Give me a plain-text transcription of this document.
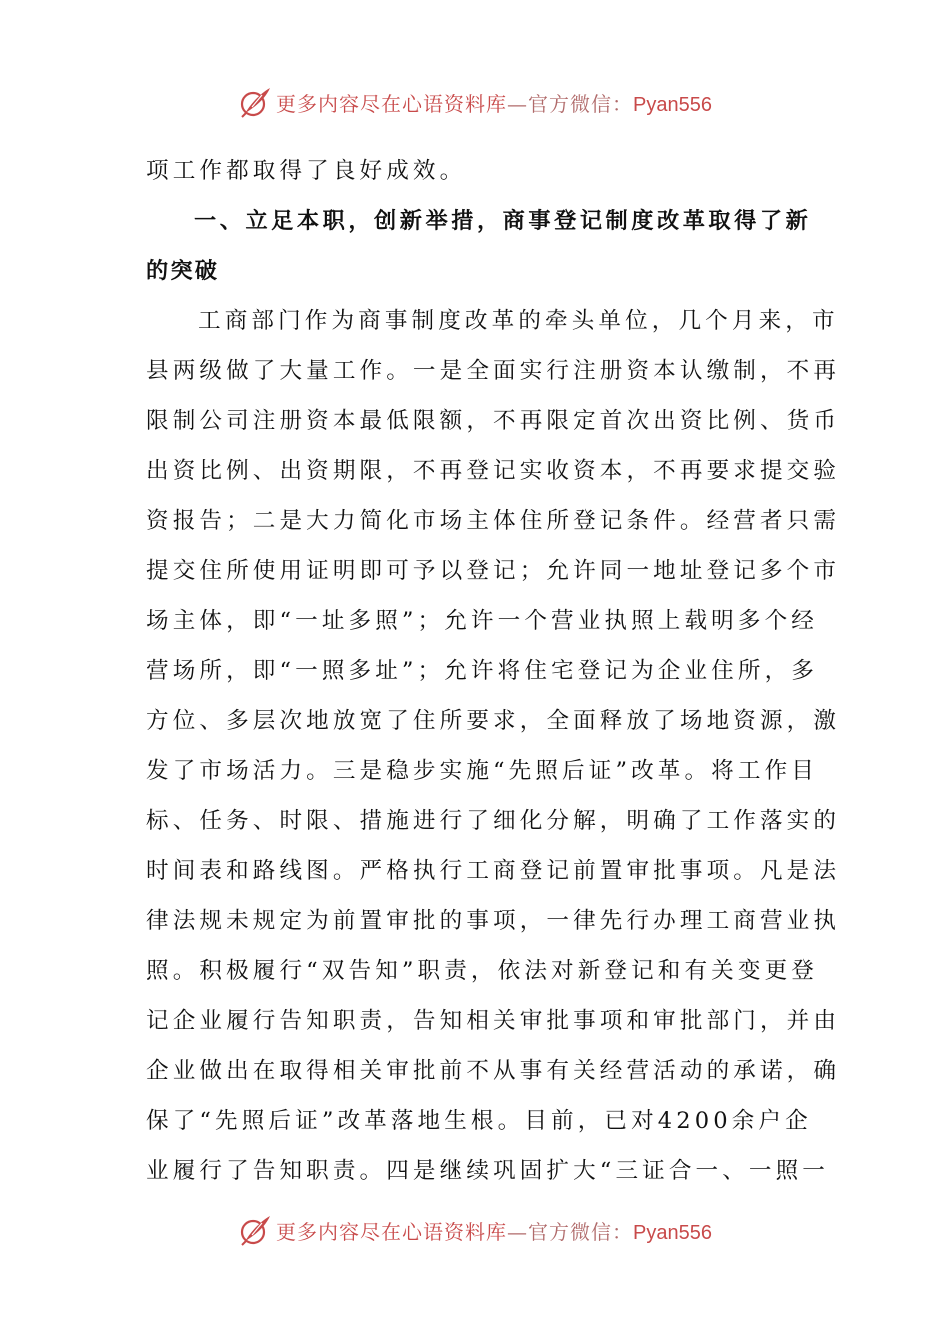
更多内容尽在心语资料库—官方微信：Pyan556
项工作都取得了良好成效。
一、立足本职，创新举措，商事登记制度改革取得了新
的突破
工商部门作为商事制度改革的牵头单位，几个月来，市
县两级做了大量工作。一是全面实行注册资本认缴制，不再
限制公司注册资本最低限额，不再限定首次出资比例、货币
出资比例、出资期限，不再登记实收资本，不再要求提交验
资报告；二是大力简化市场主体住所登记条件。经营者只需
提交住所使用证明即可予以登记；允许同一地址登记多个市
场主体，即“一址多照”；允许一个营业执照上载明多个经
营场所，即“一照多址”；允许将住宅登记为企业住所，多
方位、多层次地放宽了住所要求，全面释放了场地资源，激
发了市场活力。三是稳步实施“先照后证”改革。将工作目
标、任务、时限、措施进行了细化分解，明确了工作落实的
时间表和路线图。严格执行工商登记前置审批事项。凡是法
律法规未规定为前置审批的事项，一律先行办理工商营业执
照。积极履行“双告知”职责，依法对新登记和有关变更登
记企业履行告知职责，告知相关审批事项和审批部门，并由
企业做出在取得相关审批前不从事有关经营活动的承诺，确
保了“先照后证”改革落地生根。目前，已对4200余户企
业履行了告知职责。四是继续巩固扩大“三证合一、一照一
更多内容尽在心语资料库—官方微信：Pyan556
